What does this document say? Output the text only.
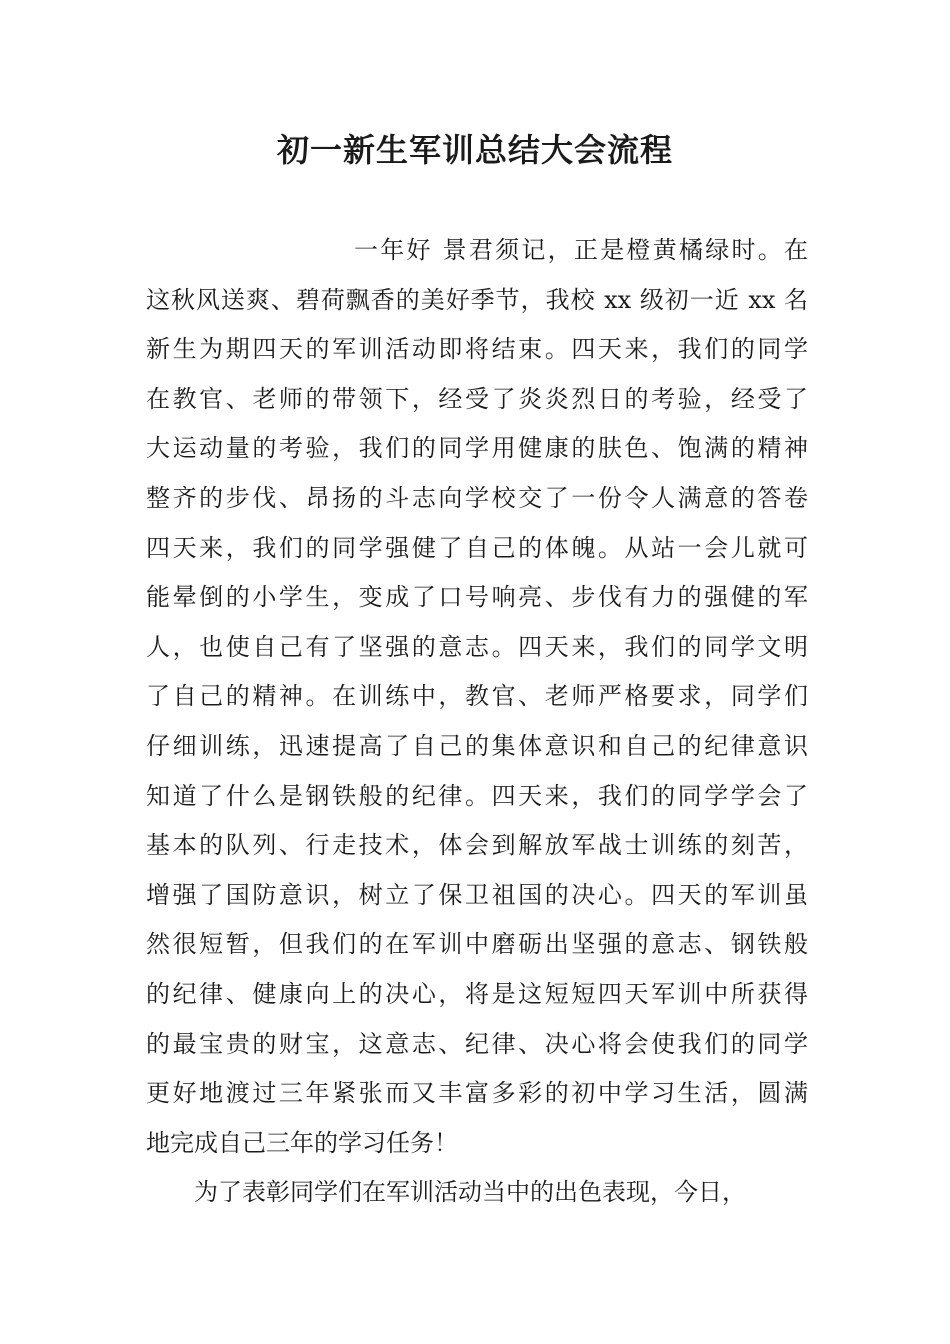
初一新生军训总结大会流程
一年好 景君须记，正是橙黄橘绿时。在
这秋风送爽、碧荷飘香的美好季节，我校 xx 级初一近 xx 名
新生为期四天的军训活动即将结束。四天来，我们的同学
在教官、老师的带领下，经受了炎炎烈日的考验，经受了
大运动量的考验，我们的同学用健康的肤色、饱满的精神
整齐的步伐、昂扬的斗志向学校交了一份令人满意的答卷
四天来，我们的同学强健了自己的体魄。从站一会儿就可
能晕倒的小学生，变成了口号响亮、步伐有力的强健的军
人，也使自己有了坚强的意志。四天来，我们的同学文明
了自己的精神。在训练中，教官、老师严格要求，同学们
仔细训练，迅速提高了自己的集体意识和自己的纪律意识
知道了什么是钢铁般的纪律。四天来，我们的同学学会了
基本的队列、行走技术，体会到解放军战士训练的刻苦，
增强了国防意识，树立了保卫祖国的决心。四天的军训虽
然很短暂，但我们的在军训中磨砺出坚强的意志、钢铁般
的纪律、健康向上的决心，将是这短短四天军训中所获得
的最宝贵的财宝，这意志、纪律、决心将会使我们的同学
更好地渡过三年紧张而又丰富多彩的初中学习生活，圆满
地完成自己三年的学习任务！
为了表彰同学们在军训活动当中的出色表现，今日，
